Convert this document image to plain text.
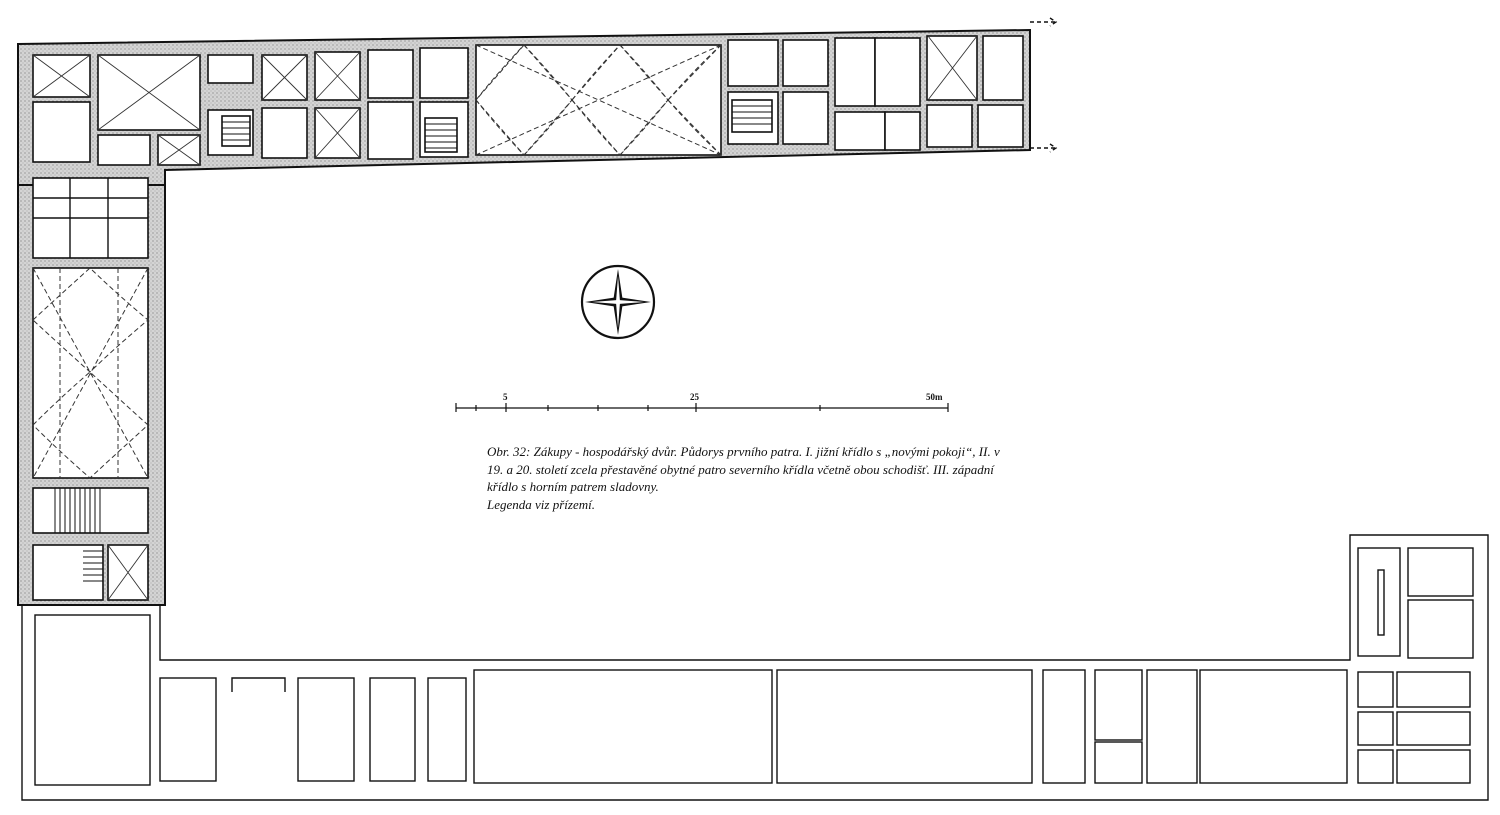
5	25	50m

Obr. 32: Zákupy - hospodářský dvůr. Půdorys prvního patra. I. jižní křídlo s „novými pokoji“, II. v 19. a 20. století zcela přestavěné obytné patro severního křídla včetně obou schodišť. III. západní křídlo s horním patrem sladovny.

Legenda viz přízemí.
